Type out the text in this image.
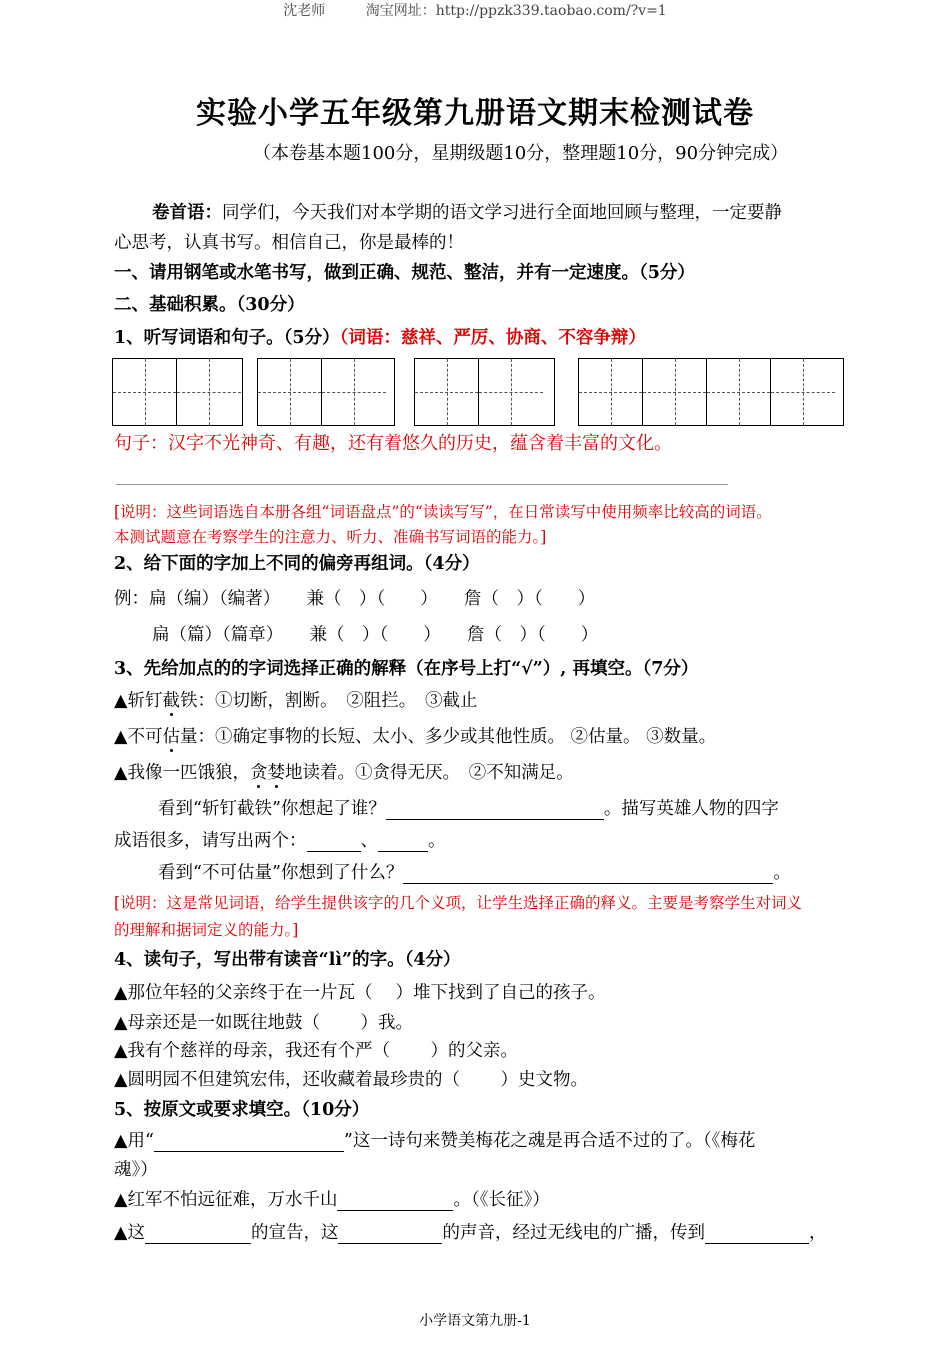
沈老师	淘宝网址：http://ppzk339.taobao.com/?v=1
实验小学五年级第九册语文期末检测试卷
（本卷基本题100分，星期级题10分，整理题10分，90分钟完成）
卷首语：同学们，今天我们对本学期的语文学习进行全面地回顾与整理，一定要静
心思考，认真书写。相信自己，你是最棒的！
一、请用钢笔或水笔书写，做到正确、规范、整洁，并有一定速度。（5分）
二、基础积累。（30分）
1、听写词语和句子。（5分）（词语：慈祥、严厉、协商、不容争辩）
句子：汉字不光神奇、有趣，还有着悠久的历史，蕴含着丰富的文化。
[说明：这些词语选自本册各组“词语盘点”的“读读写写”，在日常读写中使用频率比较高的词语。
本测试题意在考察学生的注意力、听力、准确书写词语的能力。]
2、给下面的字加上不同的偏旁再组词。（4分）
例：扁（编）（编著）　　兼（　）（　　）　　詹（　）（　　）
扁（篇）（篇章）　　兼（　）（　　）　　詹（　）（　　）
3、先给加点的的字词选择正确的解释（在序号上打“√”）, 再填空。（7分）
▲斩钉截铁：①切断，割断。　②阻拦。　③截止
▲不可估量：①确定事物的长短、太小、多少或其他性质。 ②估量。 ③数量。
▲我像一匹饿狼，贪婪地读着。①贪得无厌。　②不知满足。
看到“斩钉截铁”你想起了谁？	。描写英雄人物的四字
成语很多，请写出两个：	、	。
看到“不可估量”你想到了什么？	。
[说明：这是常见词语，给学生提供该字的几个义项，让学生选择正确的释义。主要是考察学生对词义
的理解和据词定义的能力。]
4、读句子，写出带有读音“lì”的字。（4分）
▲那位年轻的父亲终于在一片瓦（　 ）堆下找到了自己的孩子。
▲母亲还是一如既往地鼓（　　 ）我。
▲我有个慈祥的母亲，我还有个严（　　 ）的父亲。
▲圆明园不但建筑宏伟，还收藏着最珍贵的（　　 ）史文物。
5、按原文或要求填空。（10分）
▲用“	”这一诗句来赞美梅花之魂是再合适不过的了。（《梅花
魂》）
▲红军不怕远征难，万水千山	。（《长征》）
▲这	的宣告，这	的声音，经过无线电的广播，传到	，
小学语文第九册-1
